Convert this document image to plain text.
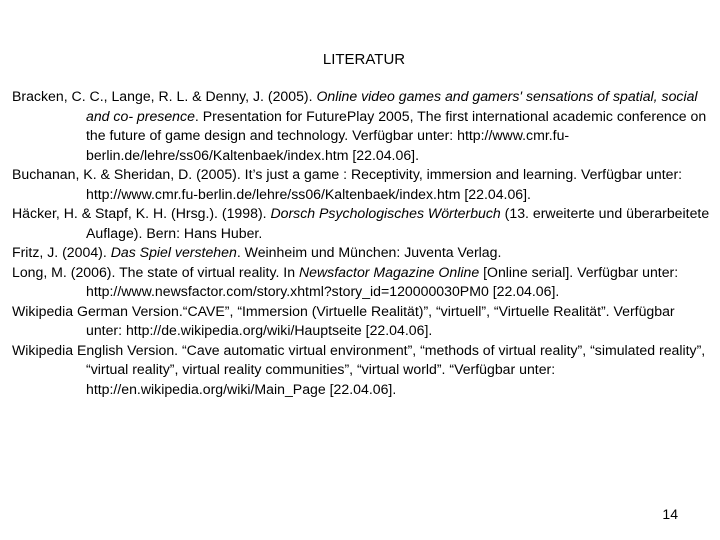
LITERATUR

Bracken, C. C., Lange, R. L. & Denny, J. (2005). Online video games and gamers' sensations of spatial, social and co- presence. Presentation for FuturePlay 2005, The first international academic conference on the future of game design and technology. Verfügbar unter: http://www.cmr.fu-berlin.de/lehre/ss06/Kaltenbaek/index.htm [22.04.06].

Buchanan, K. & Sheridan, D. (2005). It’s just a game : Receptivity, immersion and learning. Verfügbar unter: http://www.cmr.fu-berlin.de/lehre/ss06/Kaltenbaek/index.htm [22.04.06].

Häcker, H. & Stapf, K. H. (Hrsg.). (1998). Dorsch Psychologisches Wörterbuch (13. erweiterte und überarbeitete Auflage). Bern: Hans Huber.

Fritz, J. (2004). Das Spiel verstehen. Weinheim und München: Juventa Verlag.

Long, M. (2006). The state of virtual reality. In Newsfactor Magazine Online [Online serial]. Verfügbar unter: http://www.newsfactor.com/story.xhtml?story_id=120000030PM0 [22.04.06].

Wikipedia German Version.“CAVE”, “Immersion (Virtuelle Realität)”, “virtuell”, “Virtuelle Realität”. Verfügbar unter: http://de.wikipedia.org/wiki/Hauptseite [22.04.06].

Wikipedia English Version. “Cave automatic virtual environment”, “methods of virtual reality”, “simulated reality”, “virtual reality”, virtual reality communities”, “virtual world”. “Verfügbar unter: http://en.wikipedia.org/wiki/Main_Page [22.04.06].

14
